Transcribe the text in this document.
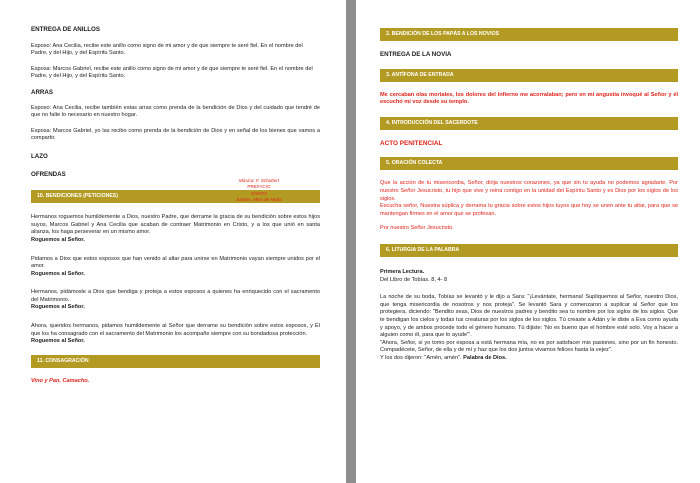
ENTREGA DE ANILLOS

Esposo: Ana Cecilia, recibe este anillo como signo de mi amor y de que siempre te seré fiel. En el nombre del Padre, y del Hijo, y del Espíritu Santo.

Esposa: Marcos Gabriel, recibe este anillo como signo de mi amor y de que siempre te seré fiel. En el nombre del Padre, y del Hijo, y del Espíritu Santo.

ARRAS

Esposo: Ana Cecilia, recibe también estas arras como prenda de la bendición de Dios y del cuidado que tendré de que no falte lo necesario en nuestro hogar.

Esposa: Marcos Gabriel, yo las recibo como prenda de la bendición de Dios y en señal de los bienes que vamos a compartir.

LAZO

OFRENDAS

10. BENDICIONES (PETICIONES)

Hermanos roguemos humildemente a Dios, nuestro Padre, que derrame la gracia de su bendición sobre estos hijos suyos, Marcos Gabriel y Ana Cecilia que acaban de contraer Matrimonio en Cristo, y a los que unió en santa alianza, los haga perseverar en un mismo amor.

Roguemos al Señor.

Pidamos a Dios que estos esposos que han venido al altar para unirse en Matrimonio vayan siempre unidos por el amor.

Roguemos al Señor.

Hermanos, pidámosle a Dios que bendiga y proteja a estos esposos a quienes ha enriquecido con el sacramento del Matrimonio.

Roguemos al Señor.

Ahora, queridos hermanos, pidamos humildemente al Señor que derrame su bendición sobre estos esposos, y Él que los ha consagrado con el sacramento del Matrimonio los acompañe siempre con su bondadosa protección.

Roguemos al Señor.

11. CONSAGRACIÓN

Vino y Pan, Camacho.

Música: F. Schubert
PREFACIO
SANTO
Santos, Misa de Mejía
2. BENDICIÓN DE LOS PAPÁS A LOS NOVIOS

ENTREGA DE LA NOVIA

3. ANTÍFONA DE ENTRADA

Me cercaban olas mortales, los dolores del infierno me acorralaban; pero en mi angustia invoqué al Señor y él escuchó mi voz desde su templo.

4. INTRODUCCIÓN DEL SACERDOTE

ACTO PENITENCIAL

5. ORACIÓN COLECTA

Que la acción de tu misericordia, Señor, dirija nuestros corazones, ya que sin tu ayuda no podemos agradarte. Por nuestro Señor Jesucristo, tu hijo que vive y reina contigo en la unidad del Espíritu Santo y es Dios por los siglos de los siglos.

Escucha señor, Nuestra súplica y derrama tu gracia sobre estos hijos tuyos que hoy se unen ante tu altar, para que se mantengan firmes en el amor que se profesan.

Por nuestro Señor Jesucristo.

6. LITURGIA DE LA PALABRA

Primera Lectura.

Del Libro de Tobías. 8, 4- 8

La noche de su boda, Tobías se levantó y le dijo a Sara: "¡Levántate, hermana! Supliquemos al Señor, nuestro Dios, que tenga misericordia de nosotros y nos proteja". Se levantó Sara y comenzaron a suplicar al Señor que los protegiera, diciendo: "Bendito seas, Dios de nuestros padres y bendito sea tu nombre por los siglos de los siglos. Que te bendigan los cielos y todas tus creaturas por los siglos de los siglos. Tú creaste a Adán y le diste a Eva como ayuda y apoyo, y de ambos procede todo el género humano. Tú dijiste: 'No es bueno que el hombre esté solo. Voy a hacer a alguien como él, para que lo ayude'".

"Ahora, Señor, si yo tomo por esposa a está hermana mía, no es por satisfacer mis pasiones, sino por un fin honesto. Compadécete, Señor, de ella y de mí y haz que los dos juntos vivamos felices hasta la vejez".

Y los dos dijeron: "Amén, amén". Palabra de Dios.
